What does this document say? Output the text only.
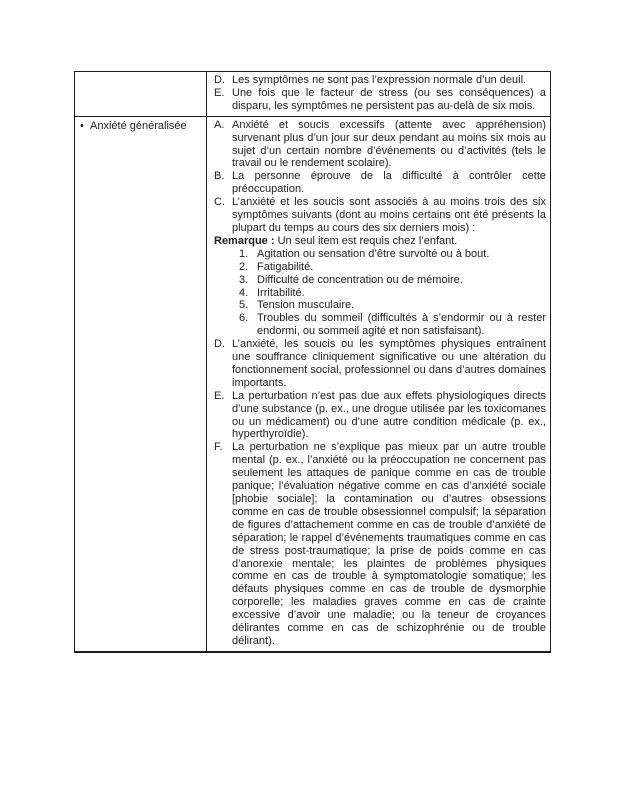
	D. Les symptômes ne sont pas l’expression normale d’un deuil.
E. Une fois que le facteur de stress (ou ses conséquences) a disparu, les symptômes ne persistent pas au-delà de six mois.

• Anxiété généralisée	A. Anxiété et soucis excessifs (attente avec appréhension) survenant plus d’un jour sur deux pendant au moins six mois au sujet d’un certain nombre d’événements ou d’activités (tels le travail ou le rendement scolaire).
B. La personne éprouve de la difficulté à contrôler cette préoccupation.
C. L’anxiété et les soucis sont associés à au moins trois des six symptômes suivants (dont au moins certains ont été présents la plupart du temps au cours des six derniers mois) :
Remarque : Un seul item est requis chez l’enfant.
1. Agitation ou sensation d’être survolté ou à bout.
2. Fatigabilité.
3. Difficulté de concentration ou de mémoire.
4. Irritabilité.
5. Tension musculaire.
6. Troubles du sommeil (difficultés à s’endormir ou à rester endormi, ou sommeil agité et non satisfaisant).
D. L’anxiété, les soucis ou les symptômes physiques entraînent une souffrance cliniquement significative ou une altération du fonctionnement social, professionnel ou dans d’autres domaines importants.
E. La perturbation n’est pas due aux effets physiologiques directs d’une substance (p. ex., une drogue utilisée par les toxicomanes ou un médicament) ou d’une autre condition médicale (p. ex., hyperthyroïdie).
F. La perturbation ne s’explique pas mieux par un autre trouble mental (p. ex., l’anxiété ou la préoccupation ne concernent pas seulement les attaques de panique comme en cas de trouble panique; l’évaluation négative comme en cas d’anxiété sociale [phobie sociale]; la contamination ou d’autres obsessions comme en cas de trouble obsessionnel compulsif; la séparation de figures d’attachement comme en cas de trouble d’anxiété de séparation; le rappel d’événements traumatiques comme en cas de stress post-traumatique; la prise de poids comme en cas d’anorexie mentale; les plaintes de problèmes physiques comme en cas de trouble à symptomatologie somatique; les défauts physiques comme en cas de trouble de dysmorphie corporelle; les maladies graves comme en cas de crainte excessive d’avoir une maladie; ou la teneur de croyances délirantes comme en cas de schizophrénie ou de trouble délirant).
